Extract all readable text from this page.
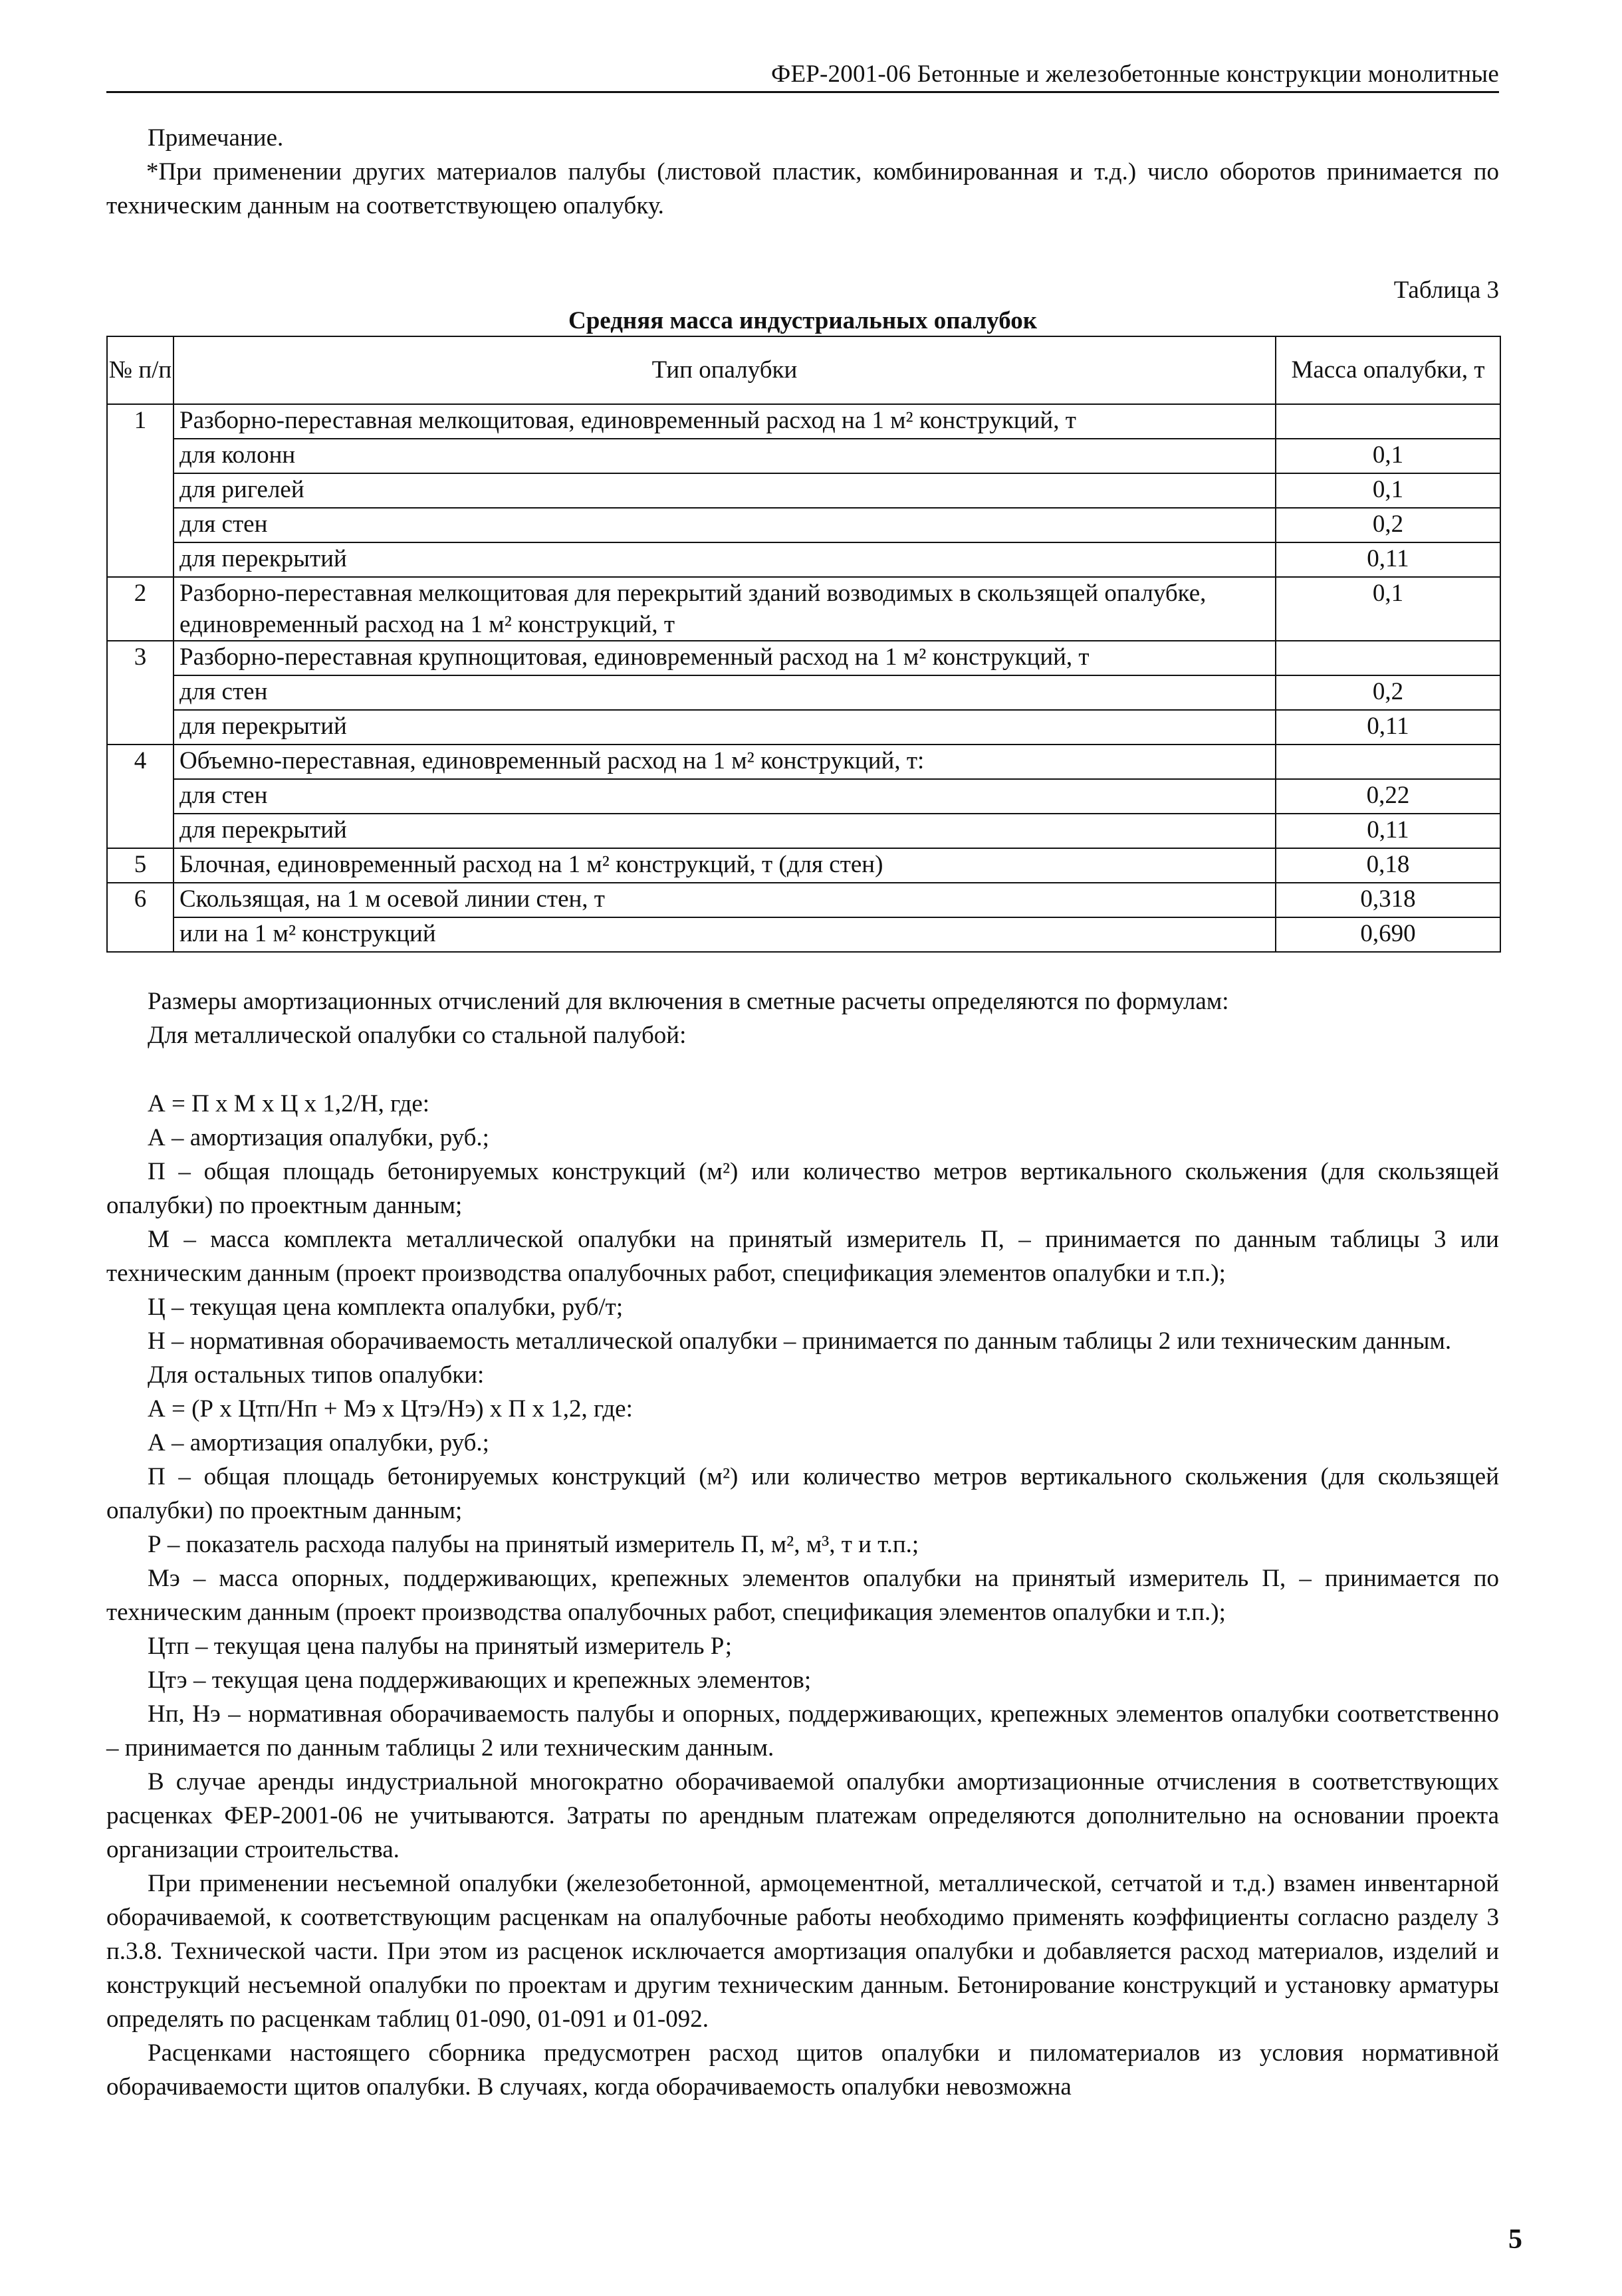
ФЕР-2001-06 Бетонные и железобетонные конструкции монолитные

Примечание.

*При применении других материалов палубы (листовой пластик, комбинированная и т.д.) число оборотов принимается по техническим данным на соответствующею опалубку.

Таблица 3
Средняя масса индустриальных опалубок
№ п/п	Тип опалубки	Масса опалубки, т
1	Разборно-переставная мелкощитовая, единовременный расход на 1 м² конструкций, т	
	для колонн	0,1
	для ригелей	0,1
	для стен	0,2
	для перекрытий	0,11
2	Разборно-переставная мелкощитовая для перекрытий зданий возводимых в скользящей опалубке, единовременный расход на 1 м² конструкций, т	0,1
3	Разборно-переставная крупнощитовая, единовременный расход на 1 м² конструкций, т	
	для стен	0,2
	для перекрытий	0,11
4	Объемно-переставная, единовременный расход на 1 м² конструкций, т:	
	для стен	0,22
	для перекрытий	0,11
5	Блочная, единовременный расход на 1 м² конструкций, т (для стен)	0,18
6	Скользящая, на 1 м осевой линии стен, т	0,318
	или на 1 м² конструкций	0,690

Размеры амортизационных отчислений для включения в сметные расчеты определяются по формулам:

Для металлической опалубки со стальной палубой:

А = П х М х Ц х 1,2/Н, где:

А – амортизация опалубки, руб.;

П – общая площадь бетонируемых конструкций (м²) или количество метров вертикального скольжения (для скользящей опалубки) по проектным данным;

М – масса комплекта металлической опалубки на принятый измеритель П, – принимается по данным таблицы 3 или техническим данным (проект производства опалубочных работ, спецификация элементов опалубки и т.п.);

Ц – текущая цена комплекта опалубки, руб/т;

Н – нормативная оборачиваемость металлической опалубки – принимается по данным таблицы 2 или техническим данным.

Для остальных типов опалубки:

А = (Р х Цтп/Нп + Мэ х Цтэ/Нэ) х П х 1,2, где:

А – амортизация опалубки, руб.;

П – общая площадь бетонируемых конструкций (м²) или количество метров вертикального скольжения (для скользящей опалубки) по проектным данным;

Р – показатель расхода палубы на принятый измеритель П, м², м³, т и т.п.;

Мэ – масса опорных, поддерживающих, крепежных элементов опалубки на принятый измеритель П, – принимается по техническим данным (проект производства опалубочных работ, спецификация элементов опалубки и т.п.);

Цтп – текущая цена палубы на принятый измеритель Р;

Цтэ – текущая цена поддерживающих и крепежных элементов;

Нп, Нэ – нормативная оборачиваемость палубы и опорных, поддерживающих, крепежных элементов опалубки соответственно – принимается по данным таблицы 2 или техническим данным.

В случае аренды индустриальной многократно оборачиваемой опалубки амортизационные отчисления в соответствующих расценках ФЕР-2001-06 не учитываются. Затраты по арендным платежам определяются дополнительно на основании проекта организации строительства.

При применении несъемной опалубки (железобетонной, армоцементной, металлической, сетчатой и т.д.) взамен инвентарной оборачиваемой, к соответствующим расценкам на опалубочные работы необходимо применять коэффициенты согласно разделу 3 п.3.8. Технической части. При этом из расценок исключается амортизация опалубки и добавляется расход материалов, изделий и конструкций несъемной опалубки по проектам и другим техническим данным. Бетонирование конструкций и установку арматуры определять по расценкам таблиц 01-090, 01-091 и 01-092.

Расценками настоящего сборника предусмотрен расход щитов опалубки и пиломатериалов из условия нормативной оборачиваемости щитов опалубки. В случаях, когда оборачиваемость опалубки невозможна

5
